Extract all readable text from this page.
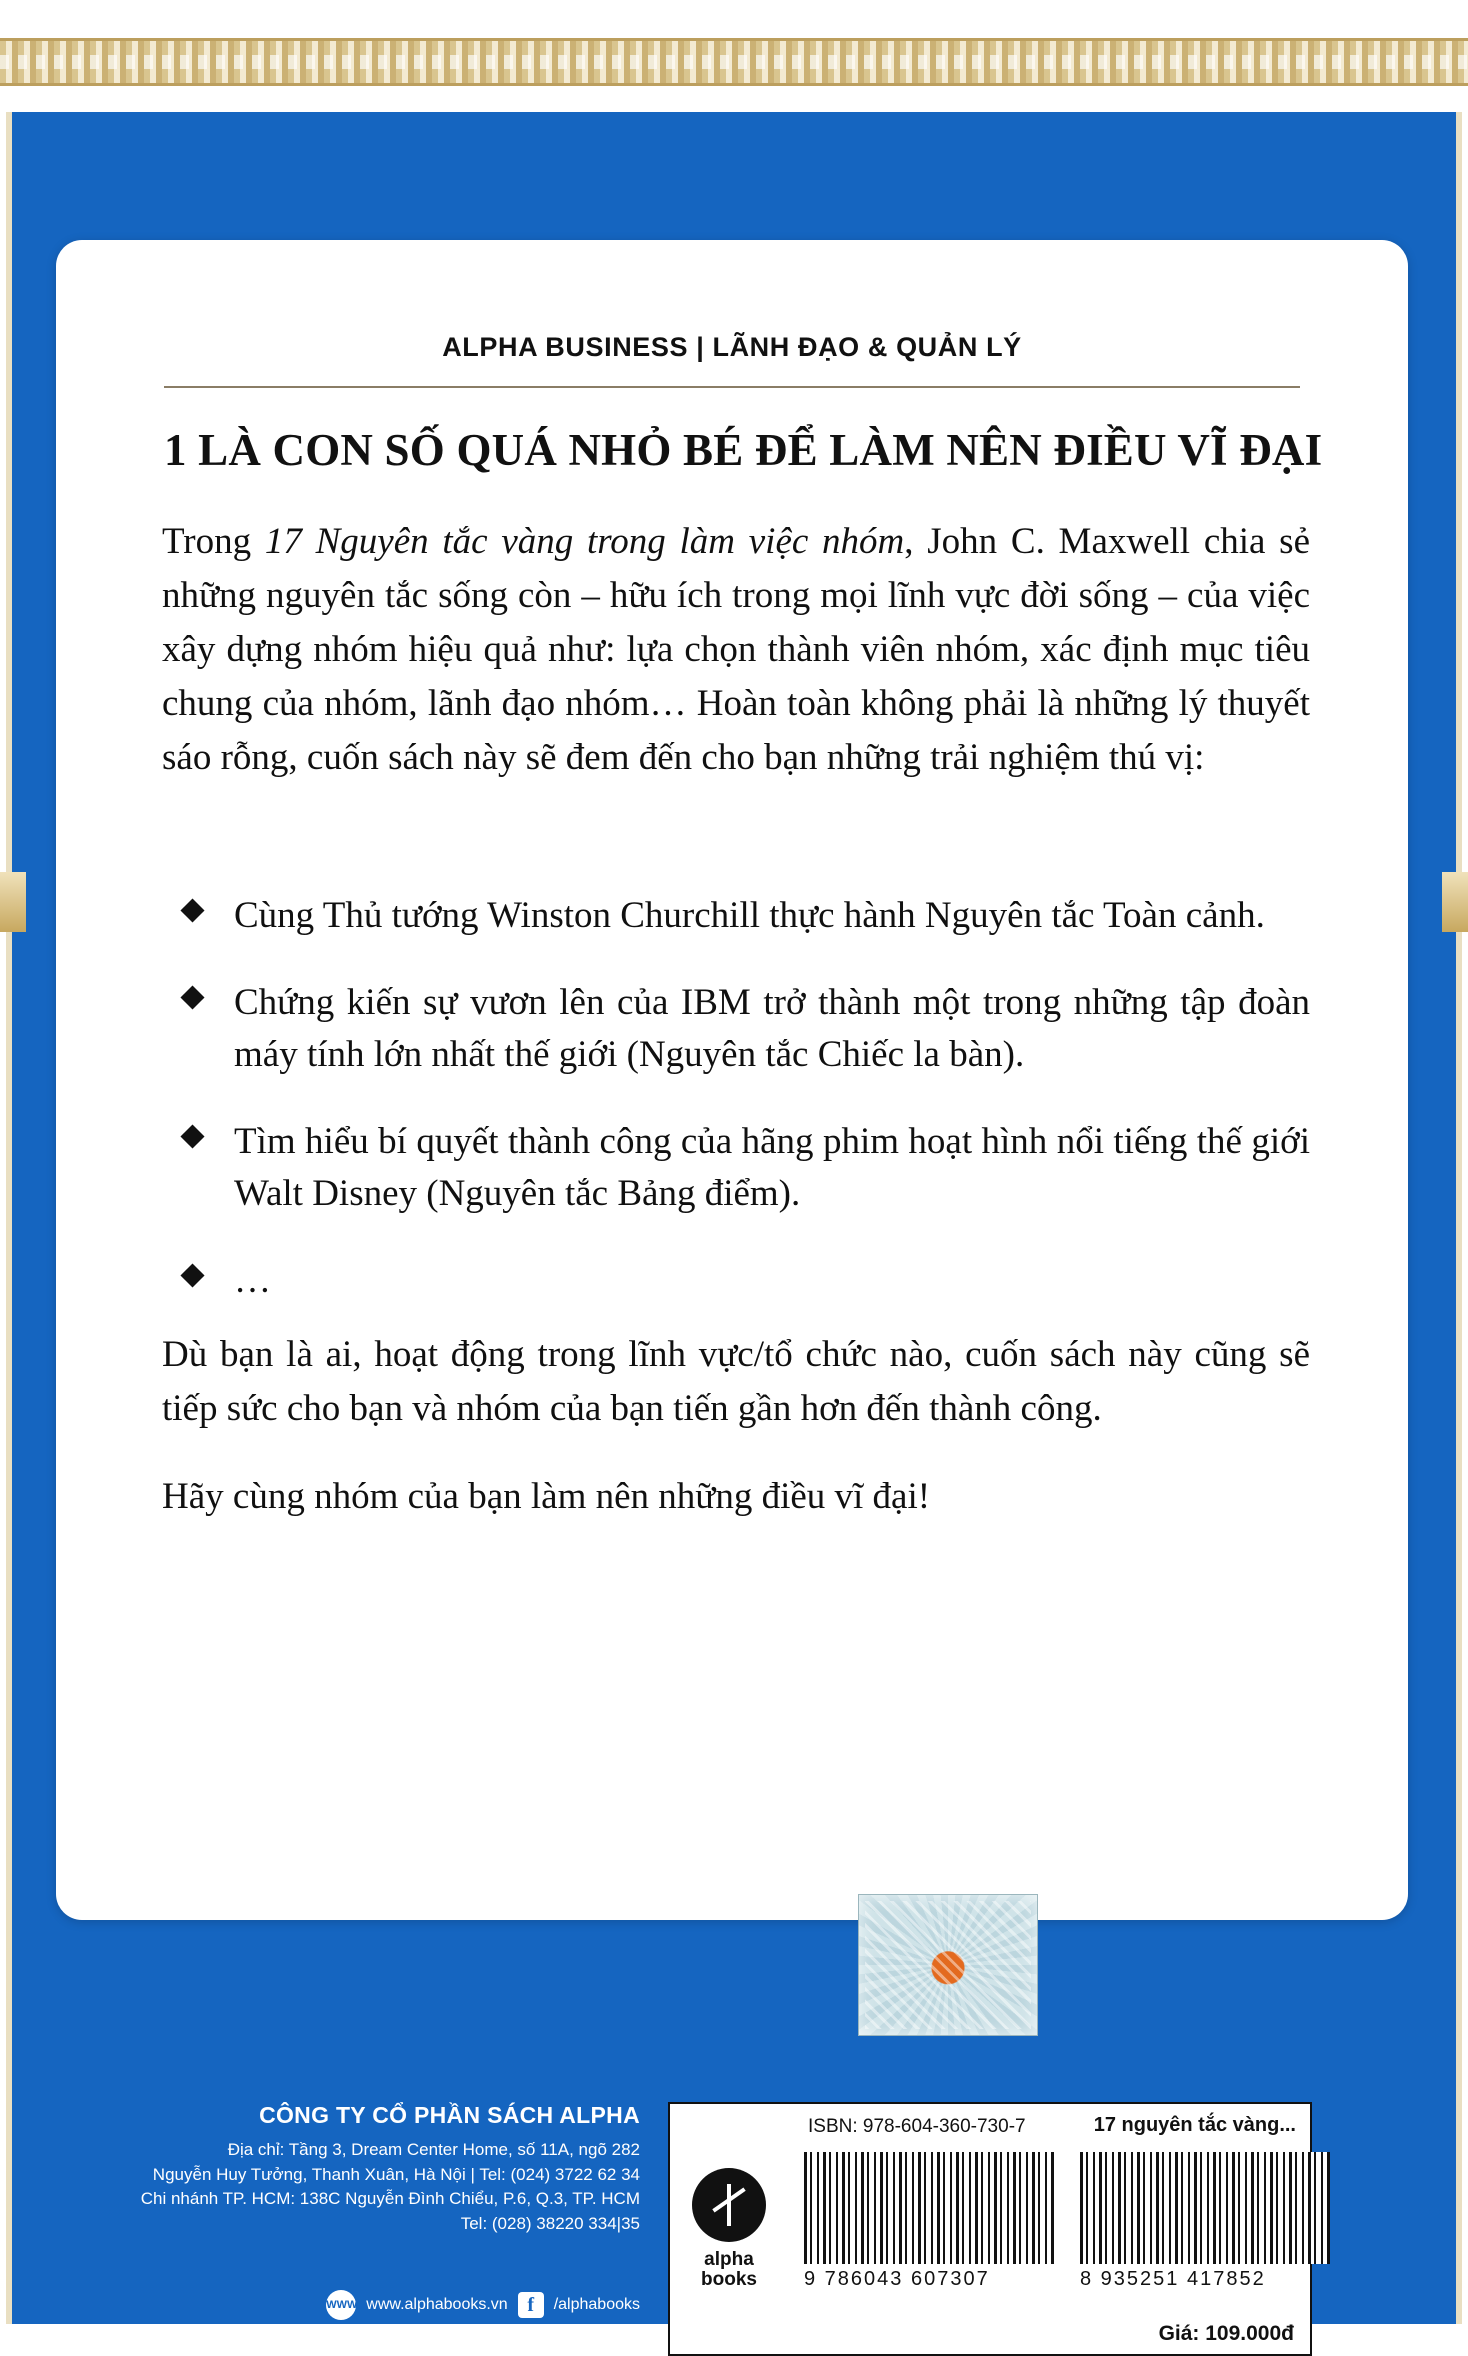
ALPHA BUSINESS | LÃNH ĐẠO & QUẢN LÝ
1 LÀ CON SỐ QUÁ NHỎ BÉ ĐỂ LÀM NÊN ĐIỀU VĨ ĐẠI
Trong 17 Nguyên tắc vàng trong làm việc nhóm, John C. Maxwell chia sẻ những nguyên tắc sống còn – hữu ích trong mọi lĩnh vực đời sống – của việc xây dựng nhóm hiệu quả như: lựa chọn thành viên nhóm, xác định mục tiêu chung của nhóm, lãnh đạo nhóm… Hoàn toàn không phải là những lý thuyết sáo rỗng, cuốn sách này sẽ đem đến cho bạn những trải nghiệm thú vị:
Cùng Thủ tướng Winston Churchill thực hành Nguyên tắc Toàn cảnh.
Chứng kiến sự vươn lên của IBM trở thành một trong những tập đoàn máy tính lớn nhất thế giới (Nguyên tắc Chiếc la bàn).
Tìm hiểu bí quyết thành công của hãng phim hoạt hình nổi tiếng thế giới Walt Disney (Nguyên tắc Bảng điểm).
…

Dù bạn là ai, hoạt động trong lĩnh vực/tổ chức nào, cuốn sách này cũng sẽ tiếp sức cho bạn và nhóm của bạn tiến gần hơn đến thành công.

Hãy cùng nhóm của bạn làm nên những điều vĩ đại!

CÔNG TY CỔ PHẦN SÁCH ALPHA
Địa chỉ: Tầng 3, Dream Center Home, số 11A, ngõ 282
Nguyễn Huy Tưởng, Thanh Xuân, Hà Nội | Tel: (024) 3722 62 34
Chi nhánh TP. HCM: 138C Nguyễn Đình Chiểu, P.6, Q.3, TP. HCM
Tel: (028) 38220 334|35
WWW www.alphabooks.vn f	/alphabooks
alpha
books
ISBN: 978-604-360-730-7	17 nguyên tắc vàng...
9 786043 607307	8 935251 417852
Giá: 109.000đ
